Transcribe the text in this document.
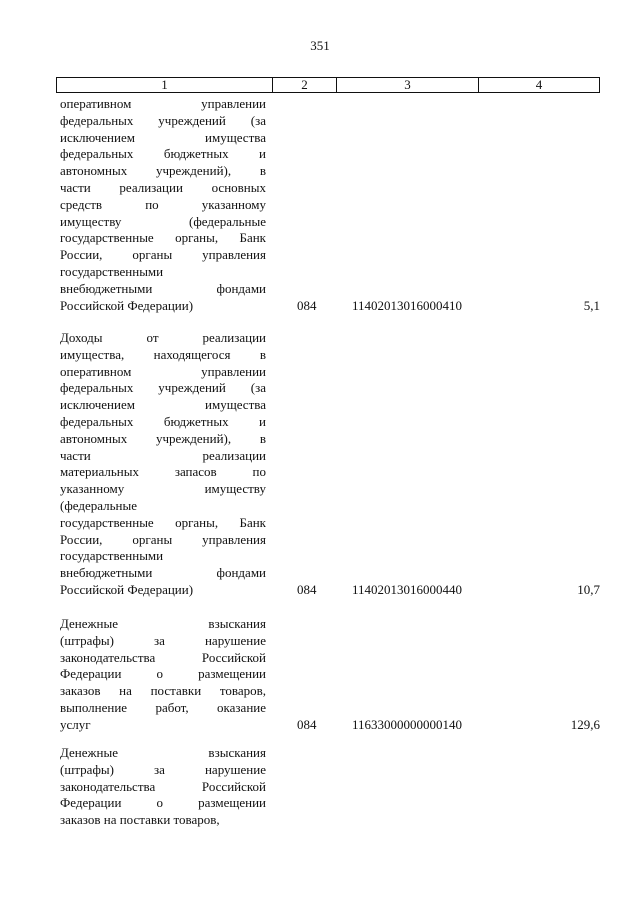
351
1	2	3	4
оперативном управлении
федеральных учреждений (за
исключением имущества
федеральных бюджетных и
автономных учреждений), в
части реализации основных
средств по указанному
имуществу (федеральные
государственные органы, Банк
России, органы управления
государственными
внебюджетными фондами
Российской Федерации)	084	11402013016000410	5,1
Доходы от реализации
имущества, находящегося в
оперативном управлении
федеральных учреждений (за
исключением имущества
федеральных бюджетных и
автономных учреждений), в
части реализации
материальных запасов по
указанному имуществу
(федеральные
государственные органы, Банк
России, органы управления
государственными
внебюджетными фондами
Российской Федерации)	084	11402013016000440	10,7
Денежные взыскания
(штрафы) за нарушение
законодательства Российской
Федерации о размещении
заказов на поставки товаров,
выполнение работ, оказание
услуг	084	11633000000000140	129,6
Денежные взыскания
(штрафы) за нарушение
законодательства Российской
Федерации о размещении
заказов на поставки товаров,
